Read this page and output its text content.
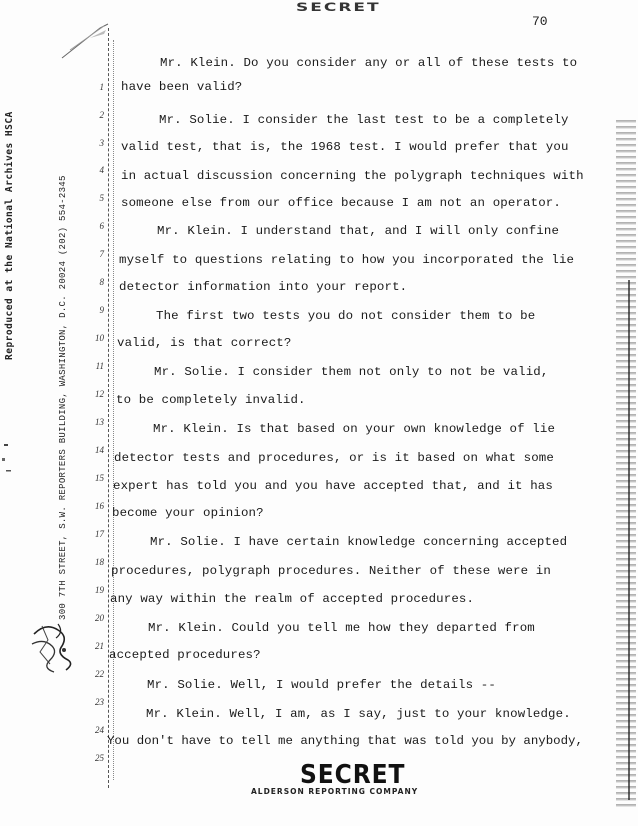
SECRET
70
Reproduced at the National Archives HSCA	300 7TH STREET, S.W. REPORTERS BUILDING, WASHINGTON, D.C. 20024 (202) 554-2345
1
2
3
4
5
6
7
8
9
10
11
12
13
14
15
16
17
18
19
20
21
22
23
24
25
Mr. Klein. Do you consider any or all of these tests to
have been valid?
Mr. Solie. I consider the last test to be a completely
valid test, that is, the 1968 test. I would prefer that you
in actual discussion concerning the polygraph techniques with
someone else from our office because I am not an operator.
Mr. Klein. I understand that, and I will only confine
myself to questions relating to how you incorporated the lie
detector information into your report.
The first two tests you do not consider them to be
valid, is that correct?
Mr. Solie. I consider them not only to not be valid,
to be completely invalid.
Mr. Klein. Is that based on your own knowledge of lie
detector tests and procedures, or is it based on what some
expert has told you and you have accepted that, and it has
become your opinion?
Mr. Solie. I have certain knowledge concerning accepted
procedures, polygraph procedures. Neither of these were in
any way within the realm of accepted procedures.
Mr. Klein. Could you tell me how they departed from
accepted procedures?
Mr. Solie. Well, I would prefer the details --
Mr. Klein. Well, I am, as I say, just to your knowledge.
You don't have to tell me anything that was told you by anybody,
SECRET
ALDERSON REPORTING COMPANY
